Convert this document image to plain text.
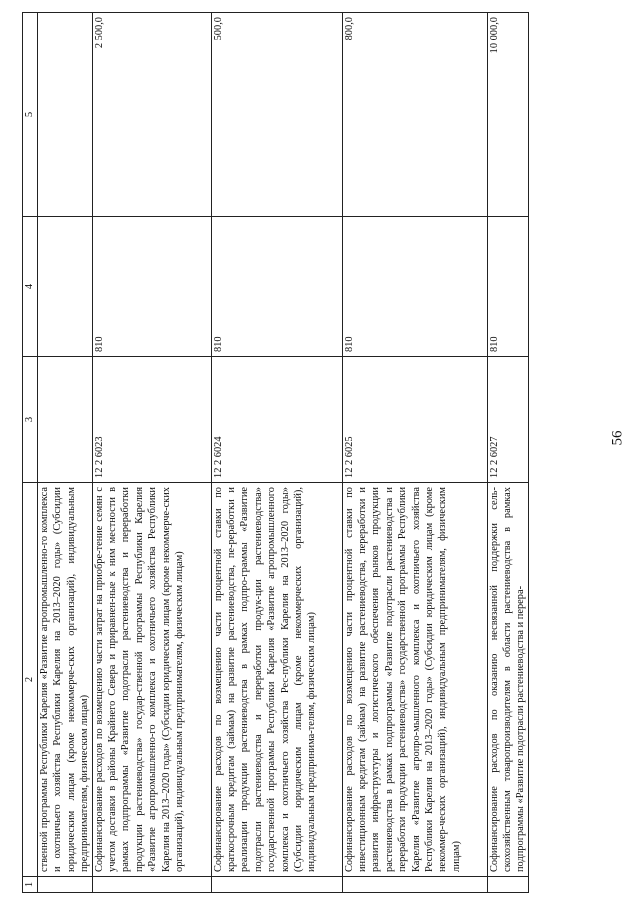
56
1	2	3	4	5
	ственной программы Республики Карелия «Развитие агропромышленно-го комплекса и охотничьего хозяйства Республики Карелия на 2013–2020 годы» (Субсидии юридическим лицам (кроме некоммерче-ских организаций), индивидуальным предпринимателям, физическим лицам)			
	Софинансирование расходов по возмещению части затрат на приобре-тение семян с учетом доставки в районы Крайнего Севера и приравнен-ные к ним местности в рамках подпрограммы «Развитие подотрасли растениеводства и переработки продукции растениеводства» государ-ственной программы Республики Карелия «Развитие агропромышленно-го комплекса и охотничьего хозяйства Республики Карелия на 2013–2020 годы» (Субсидии юридическим лицам (кроме некоммерче-ских организаций), индивидуальным предпринимателям, физическим лицам)	12 2 6023	810	2 500,0
	Софинансирование расходов по возмещению части процентной ставки по краткосрочным кредитам (займам) на развитие растениеводства, пе-реработки и реализации продукции растениеводства в рамках подпро-граммы «Развитие подотрасли растениеводства и переработки продук-ции растениеводства» государственной программы Республики Карелия «Развитие агропромышленного комплекса и охотничьего хозяйства Рес-публики Карелия на 2013–2020 годы» (Субсидии юридическим лицам (кроме некоммерческих организаций), индивидуальным предпринима-телям, физическим лицам)	12 2 6024	810	500,0
	Софинансирование расходов по возмещению части процентной ставки по инвестиционным кредитам (займам) на развитие растениеводства, переработки и развития инфраструктуры и логистического обеспечения рынков продукции растениеводства в рамках подпрограммы «Развитие подотрасли растениеводства и переработки продукции растениеводства» государственной программы Республики Карелия «Развитие агропро-мышленного комплекса и охотничьего хозяйства Республики Карелия на 2013–2020 годы» (Субсидии юридическим лицам (кроме некоммер-ческих организаций), индивидуальным предпринимателям, физическим лицам)	12 2 6025	810	800,0
	Софинансирование расходов по оказанию несвязанной поддержки сель-скохозяйственным товаропроизводителям в области растениеводства в рамках подпрограммы «Развитие подотрасли растениеводства и перера-	12 2 6027	810	10 000,0
